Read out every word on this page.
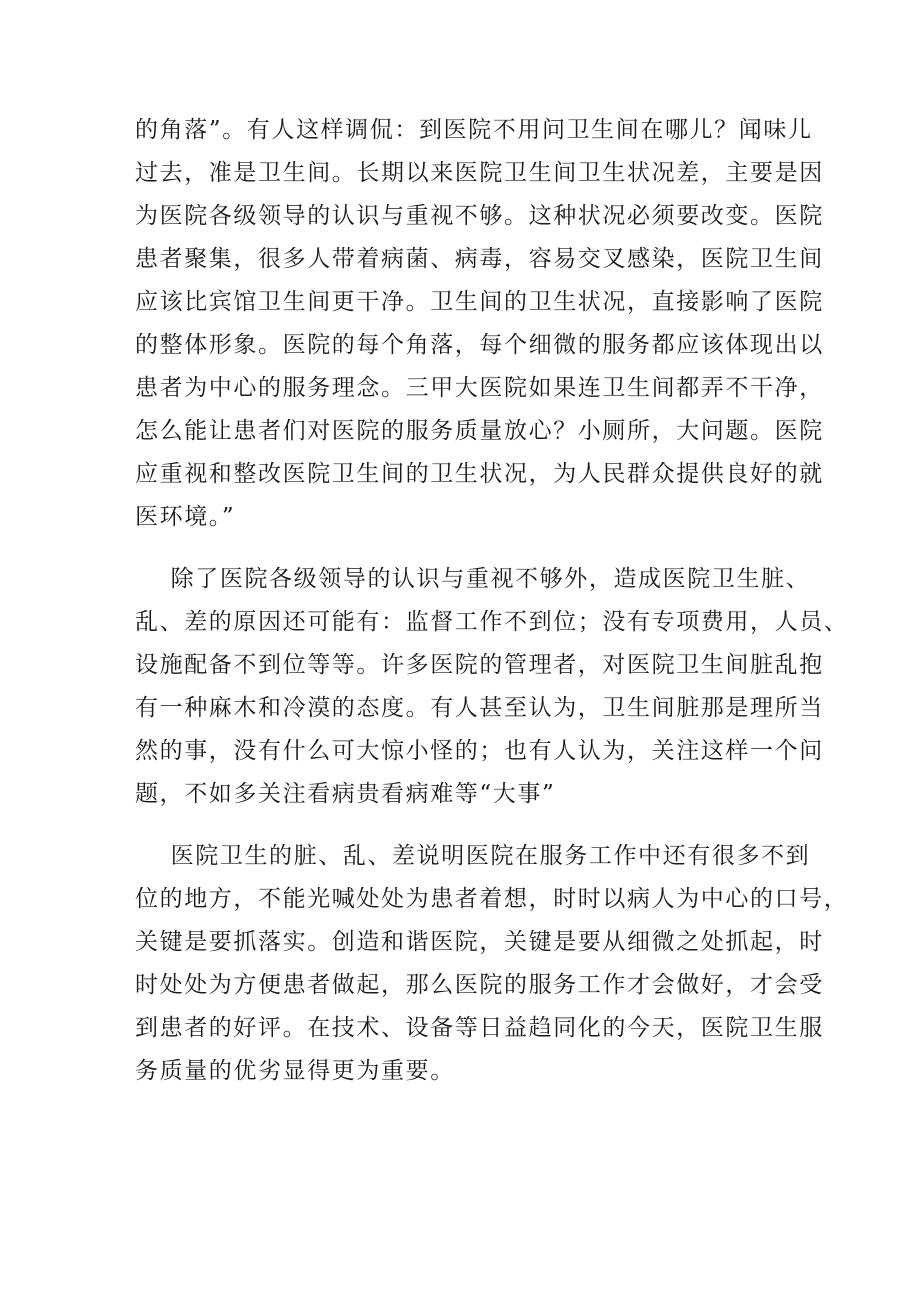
的角落”。有人这样调侃：到医院不用问卫生间在哪儿？闻味儿
过去，准是卫生间。长期以来医院卫生间卫生状况差，主要是因
为医院各级领导的认识与重视不够。这种状况必须要改变。医院
患者聚集，很多人带着病菌、病毒，容易交叉感染，医院卫生间
应该比宾馆卫生间更干净。卫生间的卫生状况，直接影响了医院
的整体形象。医院的每个角落，每个细微的服务都应该体现出以
患者为中心的服务理念。三甲大医院如果连卫生间都弄不干净，
怎么能让患者们对医院的服务质量放心？小厕所，大问题。医院
应重视和整改医院卫生间的卫生状况，为人民群众提供良好的就
医环境。”
除了医院各级领导的认识与重视不够外，造成医院卫生脏、
乱、差的原因还可能有：监督工作不到位；没有专项费用，人员、
设施配备不到位等等。许多医院的管理者，对医院卫生间脏乱抱
有一种麻木和冷漠的态度。有人甚至认为，卫生间脏那是理所当
然的事，没有什么可大惊小怪的；也有人认为，关注这样一个问
题，不如多关注看病贵看病难等“大事”
医院卫生的脏、乱、差说明医院在服务工作中还有很多不到
位的地方，不能光喊处处为患者着想，时时以病人为中心的口号，
关键是要抓落实。创造和谐医院，关键是要从细微之处抓起，时
时处处为方便患者做起，那么医院的服务工作才会做好，才会受
到患者的好评。在技术、设备等日益趋同化的今天，医院卫生服
务质量的优劣显得更为重要。
